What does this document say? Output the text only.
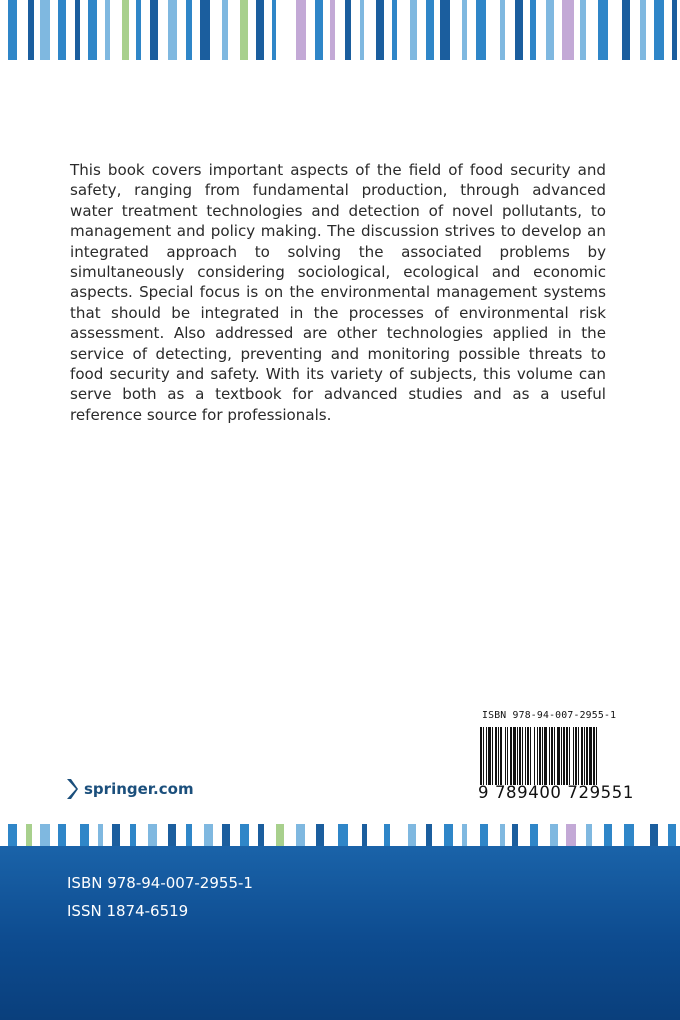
This book covers important aspects of the field of food security and safety, ranging from fundamental production, through advanced water treatment technologies and detection of novel pollutants, to management and policy making. The discussion strives to develop an integrated approach to solving the associated problems by simultaneously considering sociological, ecological and economic aspects. Special focus is on the environmental management systems that should be integrated in the processes of environmental risk assessment. Also addressed are other technologies applied in the service of detecting, preventing and monitoring possible threats to food security and safety. With its variety of subjects, this volume can serve both as a textbook for advanced studies and as a useful reference source for professionals.

springer.com
ISBN 978-94-007-2955-1
9 789400 729551
ISBN 978-94-007-2955-1
ISSN 1874-6519
